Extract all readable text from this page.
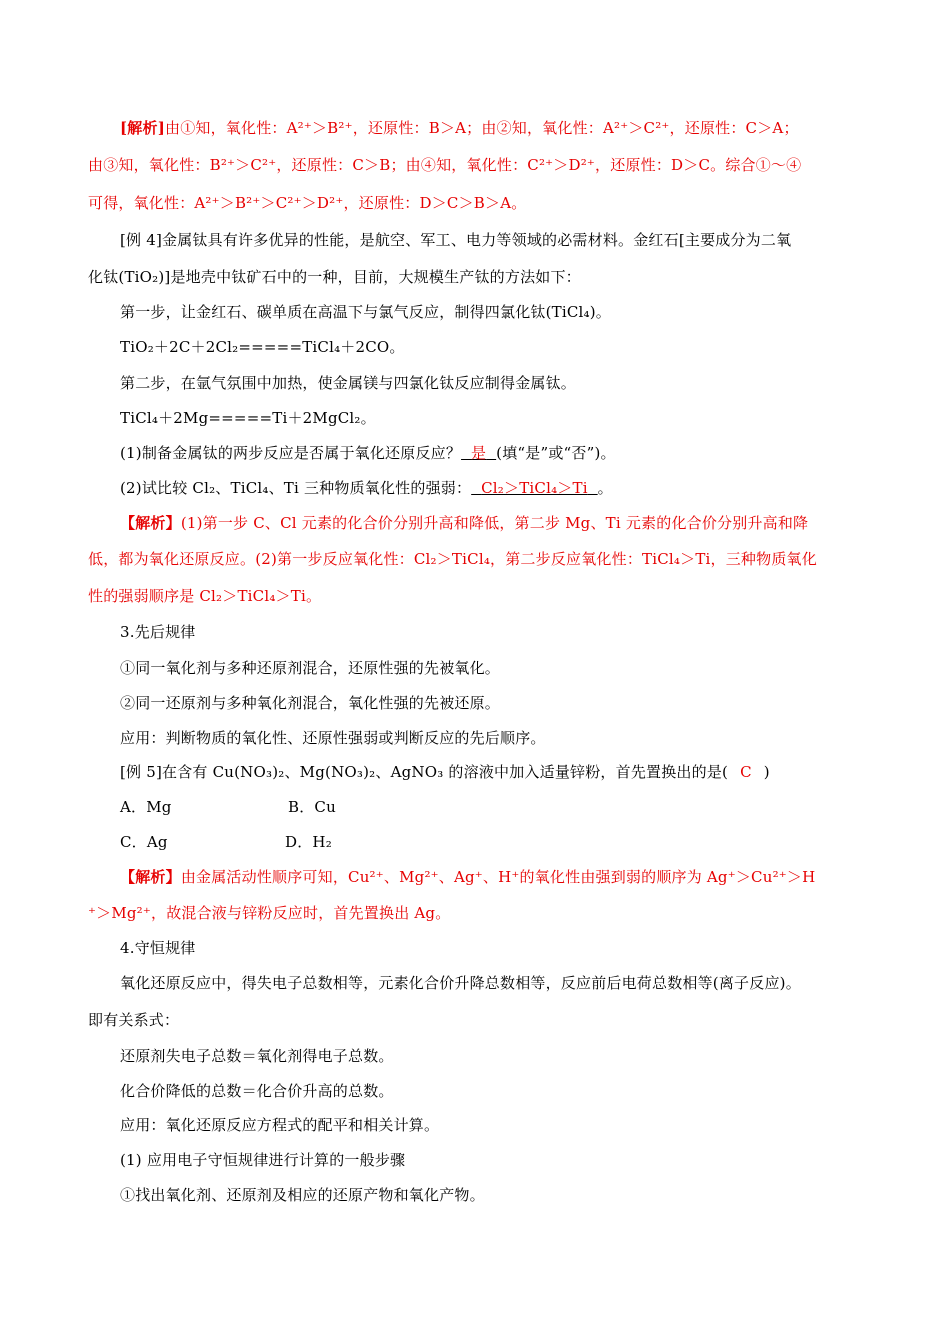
[解析]由①知，氧化性：A²⁺＞B²⁺，还原性：B＞A；由②知，氧化性：A²⁺＞C²⁺，还原性：C＞A；
由③知，氧化性：B²⁺＞C²⁺，还原性：C＞B；由④知，氧化性：C²⁺＞D²⁺，还原性：D＞C。综合①～④
可得，氧化性：A²⁺＞B²⁺＞C²⁺＞D²⁺，还原性：D＞C＞B＞A。
[例 4]金属钛具有许多优异的性能，是航空、军工、电力等领域的必需材料。金红石[主要成分为二氧
化钛(TiO₂)]是地壳中钛矿石中的一种，目前，大规模生产钛的方法如下：
第一步，让金红石、碳单质在高温下与氯气反应，制得四氯化钛(TiCl₄)。
TiO₂＋2C＋2Cl₂=====TiCl₄＋2CO。
第二步，在氩气氛围中加热，使金属镁与四氯化钛反应制得金属钛。
TiCl₄＋2Mg=====Ti＋2MgCl₂。
(1)制备金属钛的两步反应是否属于氧化还原反应？ 是 (填“是”或“否”)。
(2)试比较 Cl₂、TiCl₄、Ti 三种物质氧化性的强弱： Cl₂＞TiCl₄＞Ti 。
【解析】(1)第一步 C、Cl 元素的化合价分别升高和降低，第二步 Mg、Ti 元素的化合价分别升高和降
低，都为氧化还原反应。(2)第一步反应氧化性：Cl₂＞TiCl₄，第二步反应氧化性：TiCl₄＞Ti，三种物质氧化
性的强弱顺序是 Cl₂＞TiCl₄＞Ti。
3.先后规律
①同一氧化剂与多种还原剂混合，还原性强的先被氧化。
②同一还原剂与多种氧化剂混合，氧化性强的先被还原。
应用：判断物质的氧化性、还原性强弱或判断反应的先后顺序。
[例 5]在含有 Cu(NO₃)₂、Mg(NO₃)₂、AgNO₃ 的溶液中加入适量锌粉，首先置换出的是( C )
A．Mg	B．Cu
C．Ag	D．H₂
【解析】由金属活动性顺序可知，Cu²⁺、Mg²⁺、Ag⁺、H⁺的氧化性由强到弱的顺序为 Ag⁺＞Cu²⁺＞H
⁺＞Mg²⁺，故混合液与锌粉反应时，首先置换出 Ag。
4.守恒规律
氧化还原反应中，得失电子总数相等，元素化合价升降总数相等，反应前后电荷总数相等(离子反应)。
即有关系式：
还原剂失电子总数＝氧化剂得电子总数。
化合价降低的总数＝化合价升高的总数。
应用：氧化还原反应方程式的配平和相关计算。
(1) 应用电子守恒规律进行计算的一般步骤
①找出氧化剂、还原剂及相应的还原产物和氧化产物。
